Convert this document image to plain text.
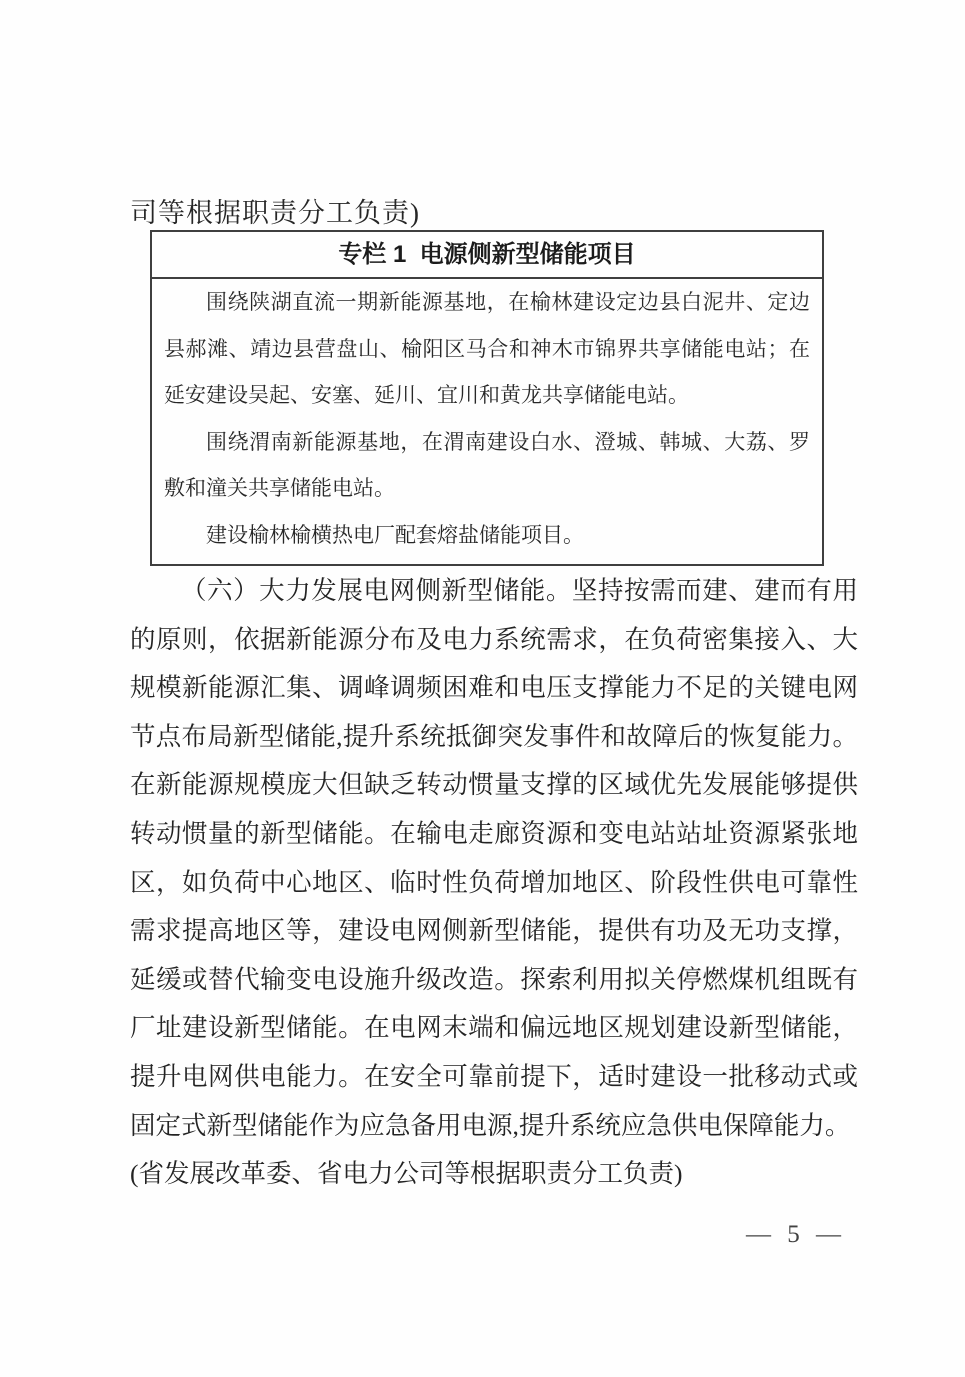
司等根据职责分工负责)
专栏 1  电源侧新型储能项目

围绕陕湖直流一期新能源基地，在榆林建设定边县白泥井、定边县郝滩、靖边县营盘山、榆阳区马合和神木市锦界共享储能电站；在延安建设吴起、安塞、延川、宜川和黄龙共享储能电站。

围绕渭南新能源基地，在渭南建设白水、澄城、韩城、大荔、罗敷和潼关共享储能电站。

建设榆林榆横热电厂配套熔盐储能项目。

（六）大力发展电网侧新型储能。坚持按需而建、建而有用的原则，依据新能源分布及电力系统需求，在负荷密集接入、大规模新能源汇集、调峰调频困难和电压支撑能力不足的关键电网节点布局新型储能,提升系统抵御突发事件和故障后的恢复能力。在新能源规模庞大但缺乏转动惯量支撑的区域优先发展能够提供转动惯量的新型储能。在输电走廊资源和变电站站址资源紧张地区，如负荷中心地区、临时性负荷增加地区、阶段性供电可靠性需求提高地区等，建设电网侧新型储能，提供有功及无功支撑，延缓或替代输变电设施升级改造。探索利用拟关停燃煤机组既有厂址建设新型储能。在电网末端和偏远地区规划建设新型储能，提升电网供电能力。在安全可靠前提下，适时建设一批移动式或固定式新型储能作为应急备用电源,提升系统应急供电保障能力。

(省发展改革委、省电力公司等根据职责分工负责)

— 5 —
